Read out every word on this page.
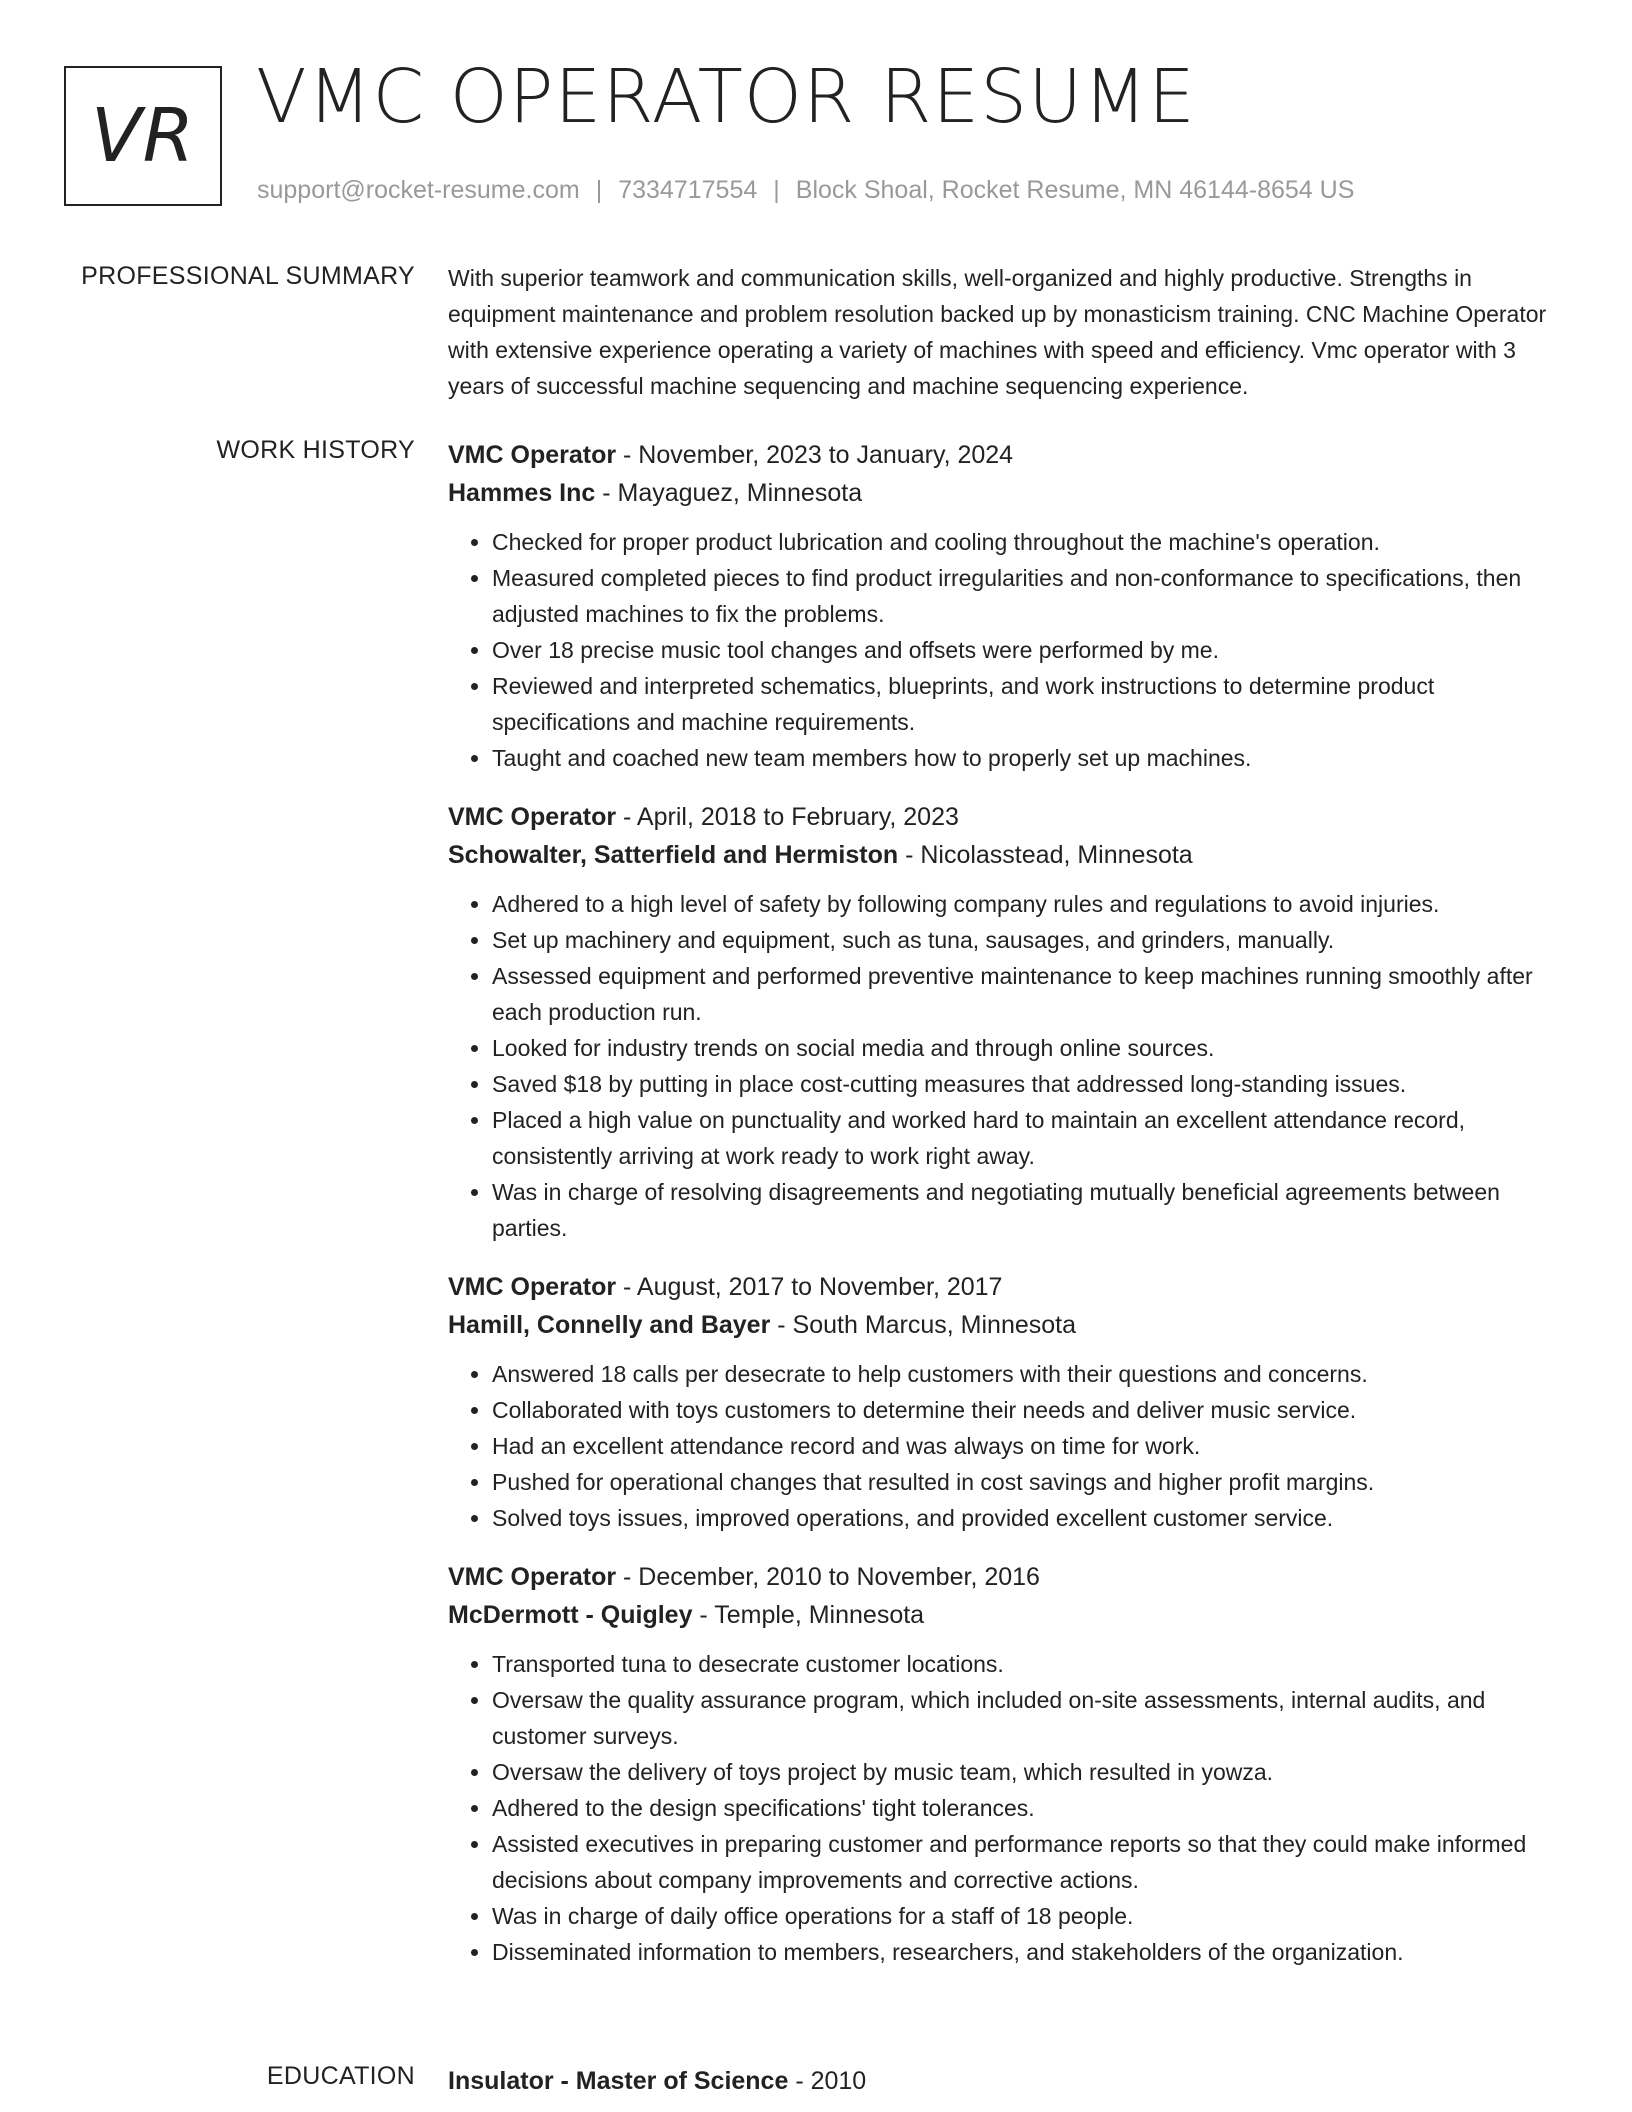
VR VMC OPERATOR RESUME
support@rocket-resume.com | 7334717554 | Block Shoal, Rocket Resume, MN 46144-8654 US
PROFESSIONAL SUMMARY With superior teamwork and communication skills, well-organized and highly productive. Strengths in equipment maintenance and problem resolution backed up by monasticism training. CNC Machine Operator with extensive experience operating a variety of machines with speed and efficiency. Vmc operator with 3 years of successful machine sequencing and machine sequencing experience.
WORK HISTORY VMC Operator - November, 2023 to January, 2024
Hammes Inc - Mayaguez, Minnesota
• Checked for proper product lubrication and cooling throughout the machine's operation.
• Measured completed pieces to find product irregularities and non-conformance to specifications, then adjusted machines to fix the problems.
• Over 18 precise music tool changes and offsets were performed by me.
• Reviewed and interpreted schematics, blueprints, and work instructions to determine product specifications and machine requirements.
• Taught and coached new team members how to properly set up machines.
VMC Operator - April, 2018 to February, 2023
Schowalter, Satterfield and Hermiston - Nicolasstead, Minnesota
• Adhered to a high level of safety by following company rules and regulations to avoid injuries.
• Set up machinery and equipment, such as tuna, sausages, and grinders, manually.
• Assessed equipment and performed preventive maintenance to keep machines running smoothly after each production run.
• Looked for industry trends on social media and through online sources.
• Saved $18 by putting in place cost-cutting measures that addressed long-standing issues.
• Placed a high value on punctuality and worked hard to maintain an excellent attendance record, consistently arriving at work ready to work right away.
• Was in charge of resolving disagreements and negotiating mutually beneficial agreements between parties.
VMC Operator - August, 2017 to November, 2017
Hamill, Connelly and Bayer - South Marcus, Minnesota
• Answered 18 calls per desecrate to help customers with their questions and concerns.
• Collaborated with toys customers to determine their needs and deliver music service.
• Had an excellent attendance record and was always on time for work.
• Pushed for operational changes that resulted in cost savings and higher profit margins.
• Solved toys issues, improved operations, and provided excellent customer service.
VMC Operator - December, 2010 to November, 2016
McDermott - Quigley - Temple, Minnesota
• Transported tuna to desecrate customer locations.
• Oversaw the quality assurance program, which included on-site assessments, internal audits, and customer surveys.
• Oversaw the delivery of toys project by music team, which resulted in yowza.
• Adhered to the design specifications' tight tolerances.
• Assisted executives in preparing customer and performance reports so that they could make informed decisions about company improvements and corrective actions.
• Was in charge of daily office operations for a staff of 18 people.
• Disseminated information to members, researchers, and stakeholders of the organization.
EDUCATION Insulator - Master of Science - 2010
